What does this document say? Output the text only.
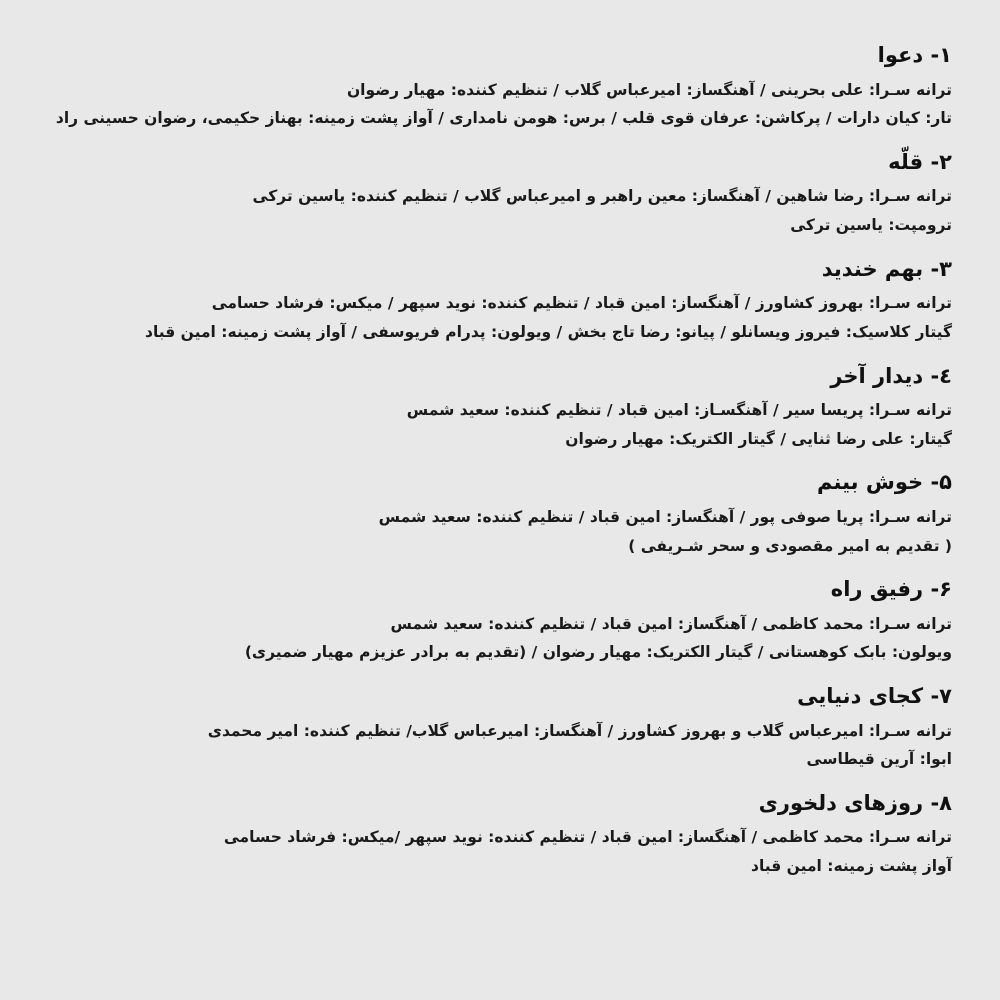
۱- دعوا
ترانه سـرا: علی بحرینی / آهنگساز: امیرعباس گلاب / تنظیم کننده: مهیار رضوان
تار: کیان دارات / پرکاشن: عرفان قوی قلب / برس: هومن نامداری / آواز پشت زمینه: بهناز حکیمی، رضوان حسینی راد
۲- قلّه
ترانه سـرا: رضا شاهین / آهنگساز: معین راهبر و امیرعباس گلاب / تنظیم کننده: یاسین ترکی
ترومپت: یاسین ترکی
۳- بهم خندید
ترانه سـرا: بهروز کشاورز / آهنگساز: امین قباد / تنظیم کننده: نوید سپهر / میکس: فرشاد حسامی
گیتار کلاسیک: فیروز ویسانلو / پیانو: رضا تاج بخش / ویولون: پدرام فریوسفی / آواز پشت زمینه: امین قباد
٤- دیدار آخر
ترانه سـرا: پریسا سیر / آهنگسـاز: امین قباد / تنظیم کننده: سعید شمس
گیتار: علی رضا ثنایی / گیتار الکتریک: مهیار رضوان
۵- خوش بینم
ترانه سـرا: پریا صوفی پور / آهنگساز: امین قباد / تنظیم کننده: سعید شمس
( تقدیم به امیر مقصودی و سحر شـریفی )
۶- رفیق راه
ترانه سـرا: محمد کاظمی / آهنگساز: امین قباد / تنظیم کننده: سعید شمس
ویولون: بابک کوهستانی / گیتار الکتریک: مهیار رضوان / (تقدیم به برادر عزیزم مهیار ضمیری)
۷- کجای دنیایی
ترانه سـرا: امیرعباس گلاب و بهروز کشاورز / آهنگساز: امیرعباس گلاب/ تنظیم کننده: امیر محمدی
ابوا: آرین قیطاسی
۸- روزهای دلخوری
ترانه سـرا: محمد کاظمی / آهنگساز: امین قباد / تنظیم کننده: نوید سپهر /میکس: فرشاد حسامی
آواز پشت زمینه: امین قباد
